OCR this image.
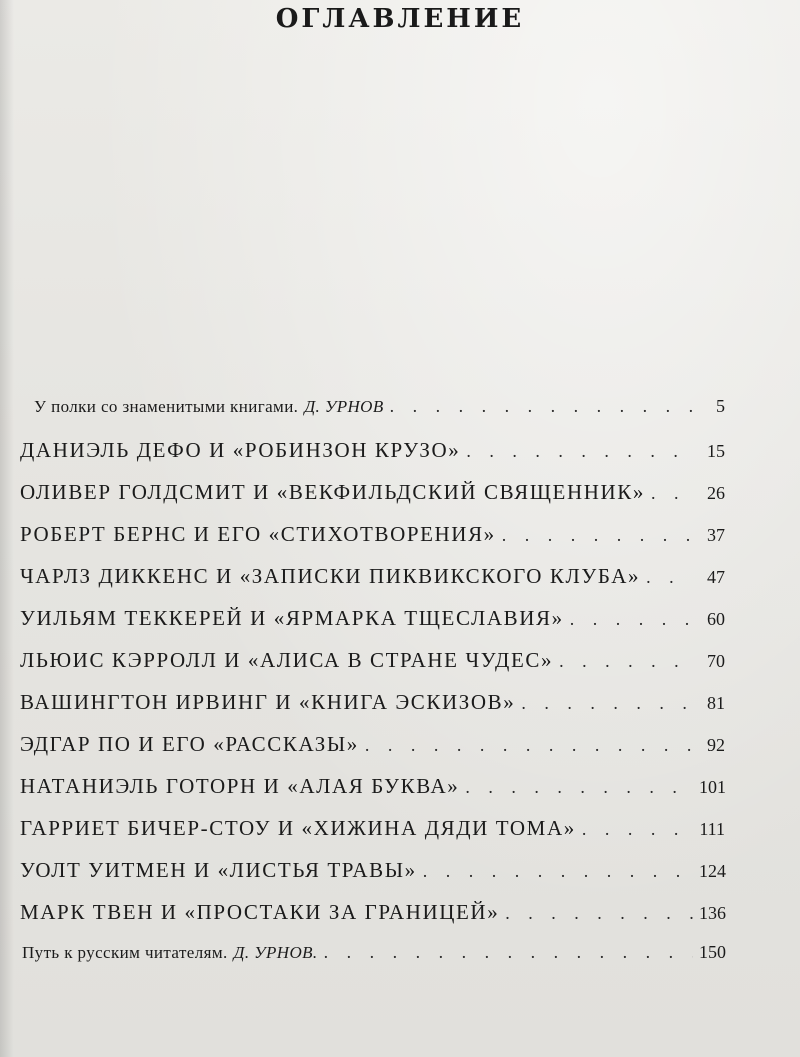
ОГЛАВЛЕНИЕ
У полки со знаменитыми книгами. Д. УРНОВ . . .	5
ДАНИЭЛЬ ДЕФО И «РОБИНЗОН КРУЗО» . . .	15
ОЛИВЕР ГОЛДСМИТ И «ВЕКФИЛЬДСКИЙ СВЯЩЕННИК» . . .	26
РОБЕРТ БЕРНС И ЕГО «СТИХОТВОРЕНИЯ» . . .	37
ЧАРЛЗ ДИККЕНС И «ЗАПИСКИ ПИКВИКСКОГО КЛУБА» . . .	47
УИЛЬЯМ ТЕККЕРЕЙ И «ЯРМАРКА ТЩЕСЛАВИЯ» . . .	60
ЛЬЮИС КЭРРОЛЛ И «АЛИСА В СТРАНЕ ЧУДЕС» . . .	70
ВАШИНГТОН ИРВИНГ И «КНИГА ЭСКИЗОВ» . . .	81
ЭДГАР ПО И ЕГО «РАССКАЗЫ» . . .	92
НАТАНИЭЛЬ ГОТОРН И «АЛАЯ БУКВА» . . .	101
ГАРРИЕТ БИЧЕР-СТОУ И «ХИЖИНА ДЯДИ ТОМА» . . .	111
УОЛТ УИТМЕН И «ЛИСТЬЯ ТРАВЫ» . . .	124
МАРК ТВЕН И «ПРОСТАКИ ЗА ГРАНИЦЕЙ» . . .	136
Путь к русским читателям. Д. УРНОВ. . . .	150
